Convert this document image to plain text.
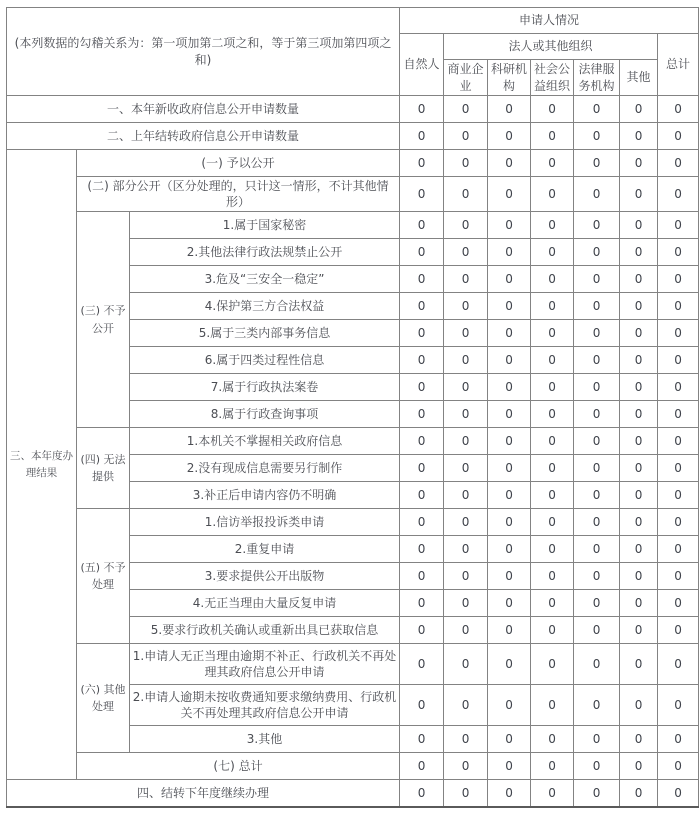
(本列数据的勾稽关系为：第一项加第二项之和，等于第三项加第四项之和)			申请人情况						
			自然人	法人或其他组织					总计
				商业企业	科研机构	社会公益组织	法律服务机构	其他	
一、本年新收政府信息公开申请数量			0	0	0	0	0	0	0
二、上年结转政府信息公开申请数量			0	0	0	0	0	0	0
三、本年度办理结果	(一) 予以公开		0	0	0	0	0	0	0
	(二) 部分公开（区分处理的，只计这一情形，不计其他情形）		0	0	0	0	0	0	0
	(三) 不予公开	1.属于国家秘密	0	0	0	0	0	0	0
		2.其他法律行政法规禁止公开	0	0	0	0	0	0	0
		3.危及“三安全一稳定”	0	0	0	0	0	0	0
		4.保护第三方合法权益	0	0	0	0	0	0	0
		5.属于三类内部事务信息	0	0	0	0	0	0	0
		6.属于四类过程性信息	0	0	0	0	0	0	0
		7.属于行政执法案卷	0	0	0	0	0	0	0
		8.属于行政查询事项	0	0	0	0	0	0	0
	(四) 无法提供	1.本机关不掌握相关政府信息	0	0	0	0	0	0	0
		2.没有现成信息需要另行制作	0	0	0	0	0	0	0
		3.补正后申请内容仍不明确	0	0	0	0	0	0	0
	(五) 不予处理	1.信访举报投诉类申请	0	0	0	0	0	0	0
		2.重复申请	0	0	0	0	0	0	0
		3.要求提供公开出版物	0	0	0	0	0	0	0
		4.无正当理由大量反复申请	0	0	0	0	0	0	0
		5.要求行政机关确认或重新出具已获取信息	0	0	0	0	0	0	0
	(六) 其他处理	1.申请人无正当理由逾期不补正、行政机关不再处理其政府信息公开申请	0	0	0	0	0	0	0
		2.申请人逾期未按收费通知要求缴纳费用、行政机关不再处理其政府信息公开申请	0	0	0	0	0	0	0
		3.其他	0	0	0	0	0	0	0
	(七) 总计		0	0	0	0	0	0	0
四、结转下年度继续办理			0	0	0	0	0	0	0
